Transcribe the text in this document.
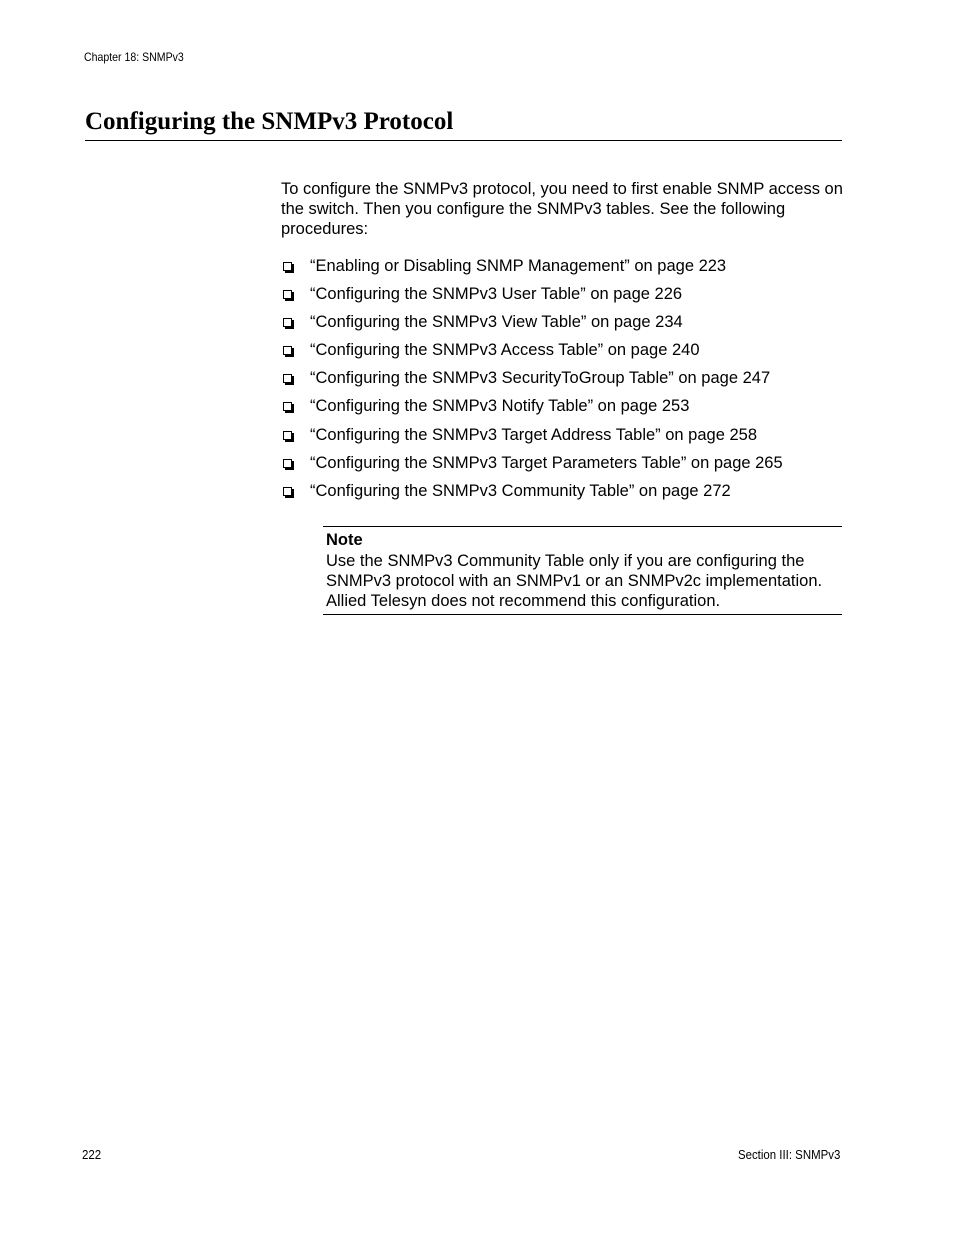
Chapter 18: SNMPv3
Configuring the SNMPv3 Protocol

To configure the SNMPv3 protocol, you need to first enable SNMP access on the switch. Then you configure the SNMPv3 tables. See the following procedures:

“Enabling or Disabling SNMP Management” on page 223
“Configuring the SNMPv3 User Table” on page 226
“Configuring the SNMPv3 View Table” on page 234
“Configuring the SNMPv3 Access Table” on page 240
“Configuring the SNMPv3 SecurityToGroup Table” on page 247
“Configuring the SNMPv3 Notify Table” on page 253
“Configuring the SNMPv3 Target Address Table” on page 258
“Configuring the SNMPv3 Target Parameters Table” on page 265
“Configuring the SNMPv3 Community Table” on page 272
Note

Use the SNMPv3 Community Table only if you are configuring the SNMPv3 protocol with an SNMPv1 or an SNMPv2c implementation. Allied Telesyn does not recommend this configuration.

222	Section III: SNMPv3
